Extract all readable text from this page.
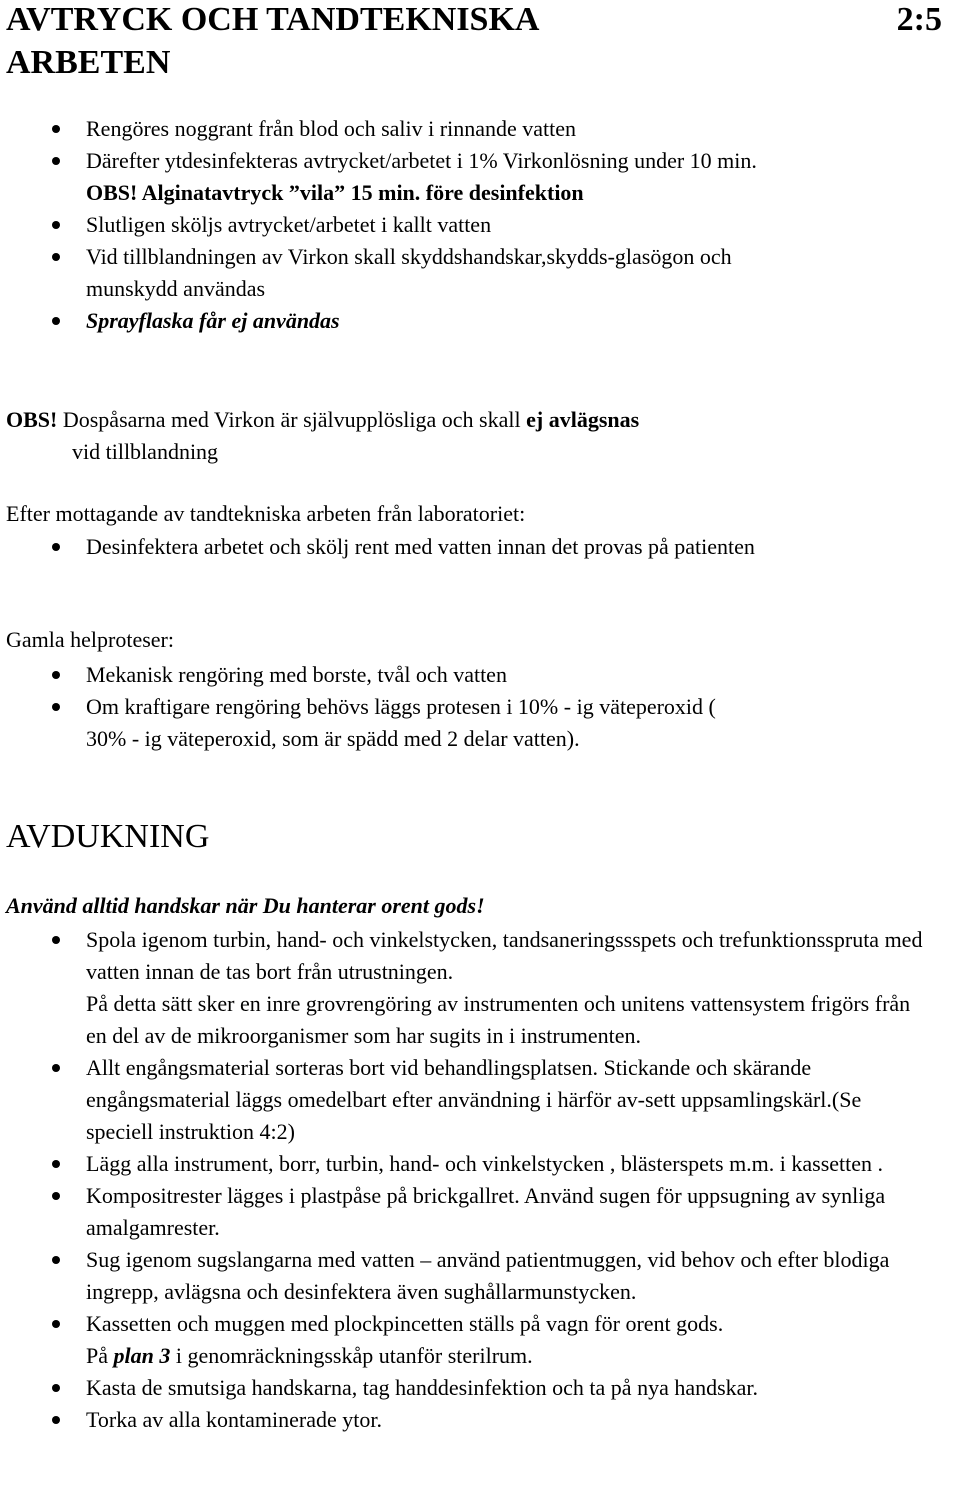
AVTRYCK OCH TANDTEKNISKA ARBETEN
2:5
Rengöres noggrant från blod och saliv i rinnande vatten
Därefter ytdesinfekteras avtrycket/arbetet i 1% Virkonlösning under 10 min.
OBS! Alginatavtryck ”vila” 15 min. före desinfektion
Slutligen sköljs avtrycket/arbetet i kallt vatten
Vid tillblandningen av Virkon skall skyddshandskar,skydds-glasögon och munskydd användas
Sprayflaska får ej användas

OBS! Dospåsarna med Virkon är självupplösliga och skall ej avlägsnas
vid tillblandning

Efter mottagande av tandtekniska arbeten från laboratoriet:

Desinfektera arbetet och skölj rent med vatten innan det provas på patienten

Gamla helproteser:

Mekanisk rengöring med borste, tvål och vatten
Om kraftigare rengöring behövs läggs protesen i 10% - ig väteperoxid ( 30% - ig väteperoxid, som är spädd med 2 delar vatten).
AVDUKNING

Använd alltid handskar när Du hanterar orent gods!

Spola igenom turbin, hand- och vinkelstycken, tandsaneringssspets och trefunktionsspruta med vatten innan de tas bort från utrustningen.
På detta sätt sker en inre grovrengöring av instrumenten och unitens vattensystem frigörs från en del av de mikroorganismer som har sugits in i instrumenten.
Allt engångsmaterial sorteras bort vid behandlingsplatsen. Stickande och skärande engångsmaterial läggs omedelbart efter användning i härför av-sett uppsamlingskärl.(Se speciell instruktion 4:2)
Lägg alla instrument, borr, turbin, hand- och vinkelstycken , blästerspets m.m. i kassetten .
Kompositrester lägges i plastpåse på brickgallret. Använd sugen för uppsugning av synliga amalgamrester.
Sug igenom sugslangarna med vatten – använd patientmuggen, vid behov och efter blodiga ingrepp, avlägsna och desinfektera även sughållarmunstycken.
Kassetten och muggen med plockpincetten ställs på vagn för orent gods.
På plan 3 i genomräckningsskåp utanför sterilrum.
Kasta de smutsiga handskarna, tag handdesinfektion och ta på nya handskar.
Torka av alla kontaminerade ytor.
